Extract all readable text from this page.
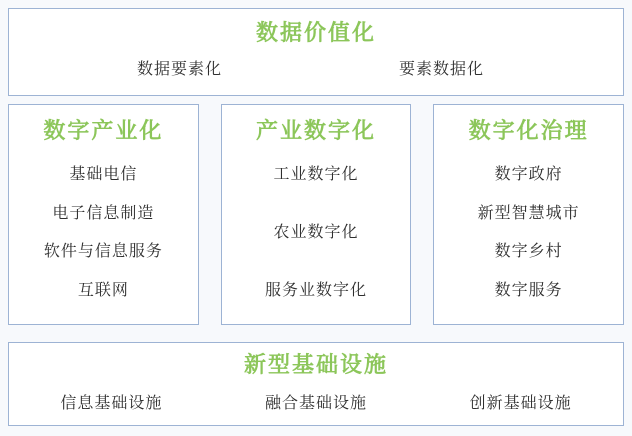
数据价值化
数据要素化	要素数据化
数字产业化
基础电信
电子信息制造
软件与信息服务
互联网
产业数字化
工业数字化
农业数字化
服务业数字化
数字化治理
数字政府
新型智慧城市
数字乡村
数字服务
新型基础设施
信息基础设施	融合基础设施	创新基础设施
